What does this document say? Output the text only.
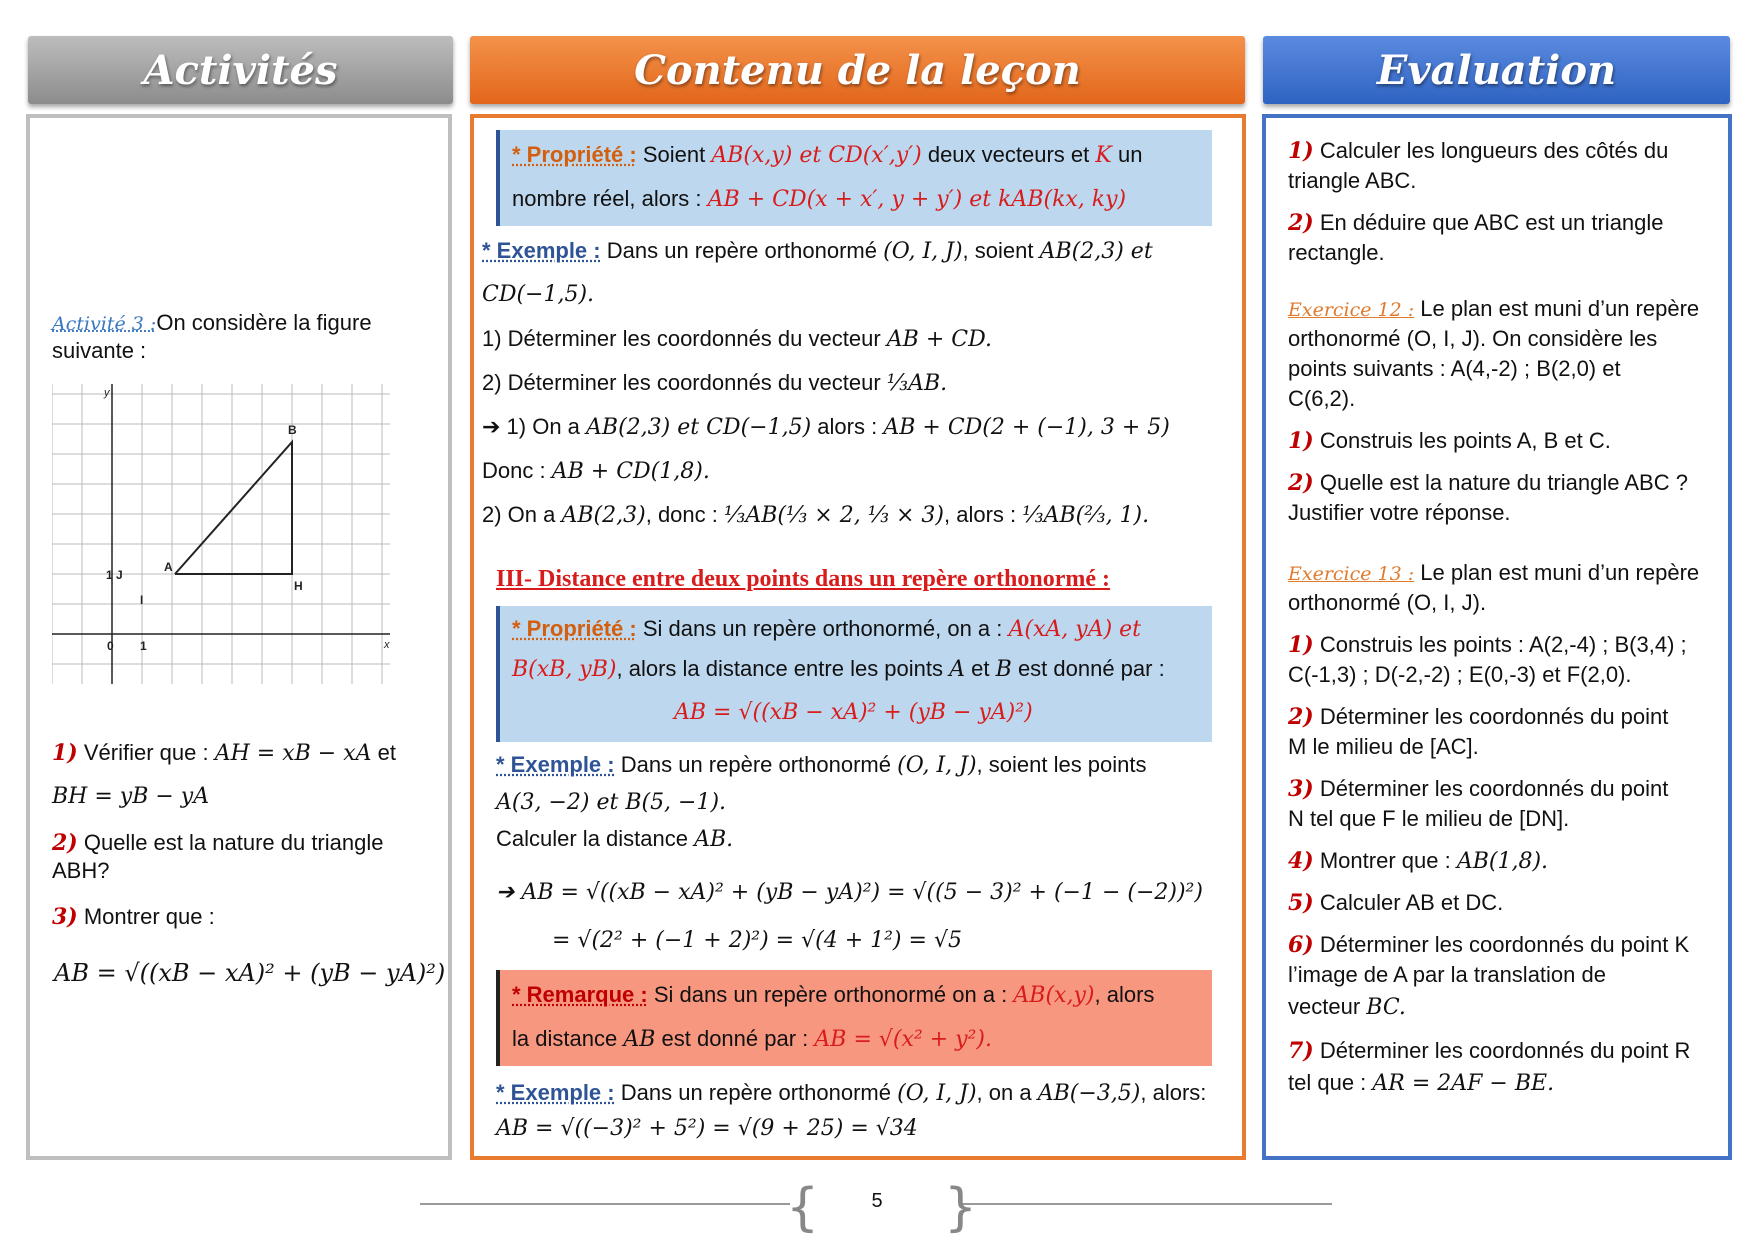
Activités	Contenu de la leçon	Evaluation
Activité 3 :On considère la figure
suivante :
y
x
B
A
H
1 J
I
0 1
1) Vérifier que : AH = xB − xA et
BH = yB − yA
2) Quelle est la nature du triangle
ABH?
3) Montrer que :
AB = √((xB − xA)² + (yB − yA)²)
* Propriété : Soient AB(x,y) et CD(x′,y′) deux vecteurs et K un
nombre réel, alors : AB + CD(x + x′, y + y′) et kAB(kx, ky)
* Exemple : Dans un repère orthonormé (O, I, J), soient AB(2,3) et
CD(−1,5).
1) Déterminer les coordonnés du vecteur AB + CD.
2) Déterminer les coordonnés du vecteur ⅓AB.
➔ 1) On a AB(2,3) et CD(−1,5) alors : AB + CD(2 + (−1), 3 + 5)
Donc : AB + CD(1,8).
2) On a AB(2,3), donc : ⅓AB(⅓ × 2, ⅓ × 3), alors : ⅓AB(⅔, 1).
III- Distance entre deux points dans un repère orthonormé :
* Propriété : Si dans un repère orthonormé, on a : A(xA, yA) et
B(xB, yB), alors la distance entre les points A et B est donné par :
AB = √((xB − xA)² + (yB − yA)²)
* Exemple : Dans un repère orthonormé (O, I, J), soient les points
A(3, −2) et B(5, −1).
Calculer la distance AB.
➔ AB = √((xB − xA)² + (yB − yA)²) = √((5 − 3)² + (−1 − (−2))²)
= √(2² + (−1 + 2)²) = √(4 + 1²) = √5
* Remarque : Si dans un repère orthonormé on a : AB(x,y), alors
la distance AB est donné par : AB = √(x² + y²).
* Exemple : Dans un repère orthonormé (O, I, J), on a AB(−3,5), alors:
AB = √((−3)² + 5²) = √(9 + 25) = √34
1) Calculer les longueurs des côtés du
triangle ABC.
2) En déduire que ABC est un triangle
rectangle.
Exercice 12 : Le plan est muni d’un repère
orthonormé (O, I, J). On considère les
points suivants : A(4,-2) ; B(2,0) et
C(6,2).
1) Construis les points A, B et C.
2) Quelle est la nature du triangle ABC ?
Justifier votre réponse.
Exercice 13 : Le plan est muni d’un repère
orthonormé (O, I, J).
1) Construis les points : A(2,-4) ; B(3,4) ;
C(-1,3) ; D(-2,-2) ; E(0,-3) et F(2,0).
2) Déterminer les coordonnés du point
M le milieu de [AC].
3) Déterminer les coordonnés du point
N tel que F le milieu de [DN].
4) Montrer que : AB(1,8).
5) Calculer AB et DC.
6) Déterminer les coordonnés du point K
l’image de A par la translation de
vecteur BC.
7) Déterminer les coordonnés du point R
tel que : AR = 2AF − BE.
{ }
5
